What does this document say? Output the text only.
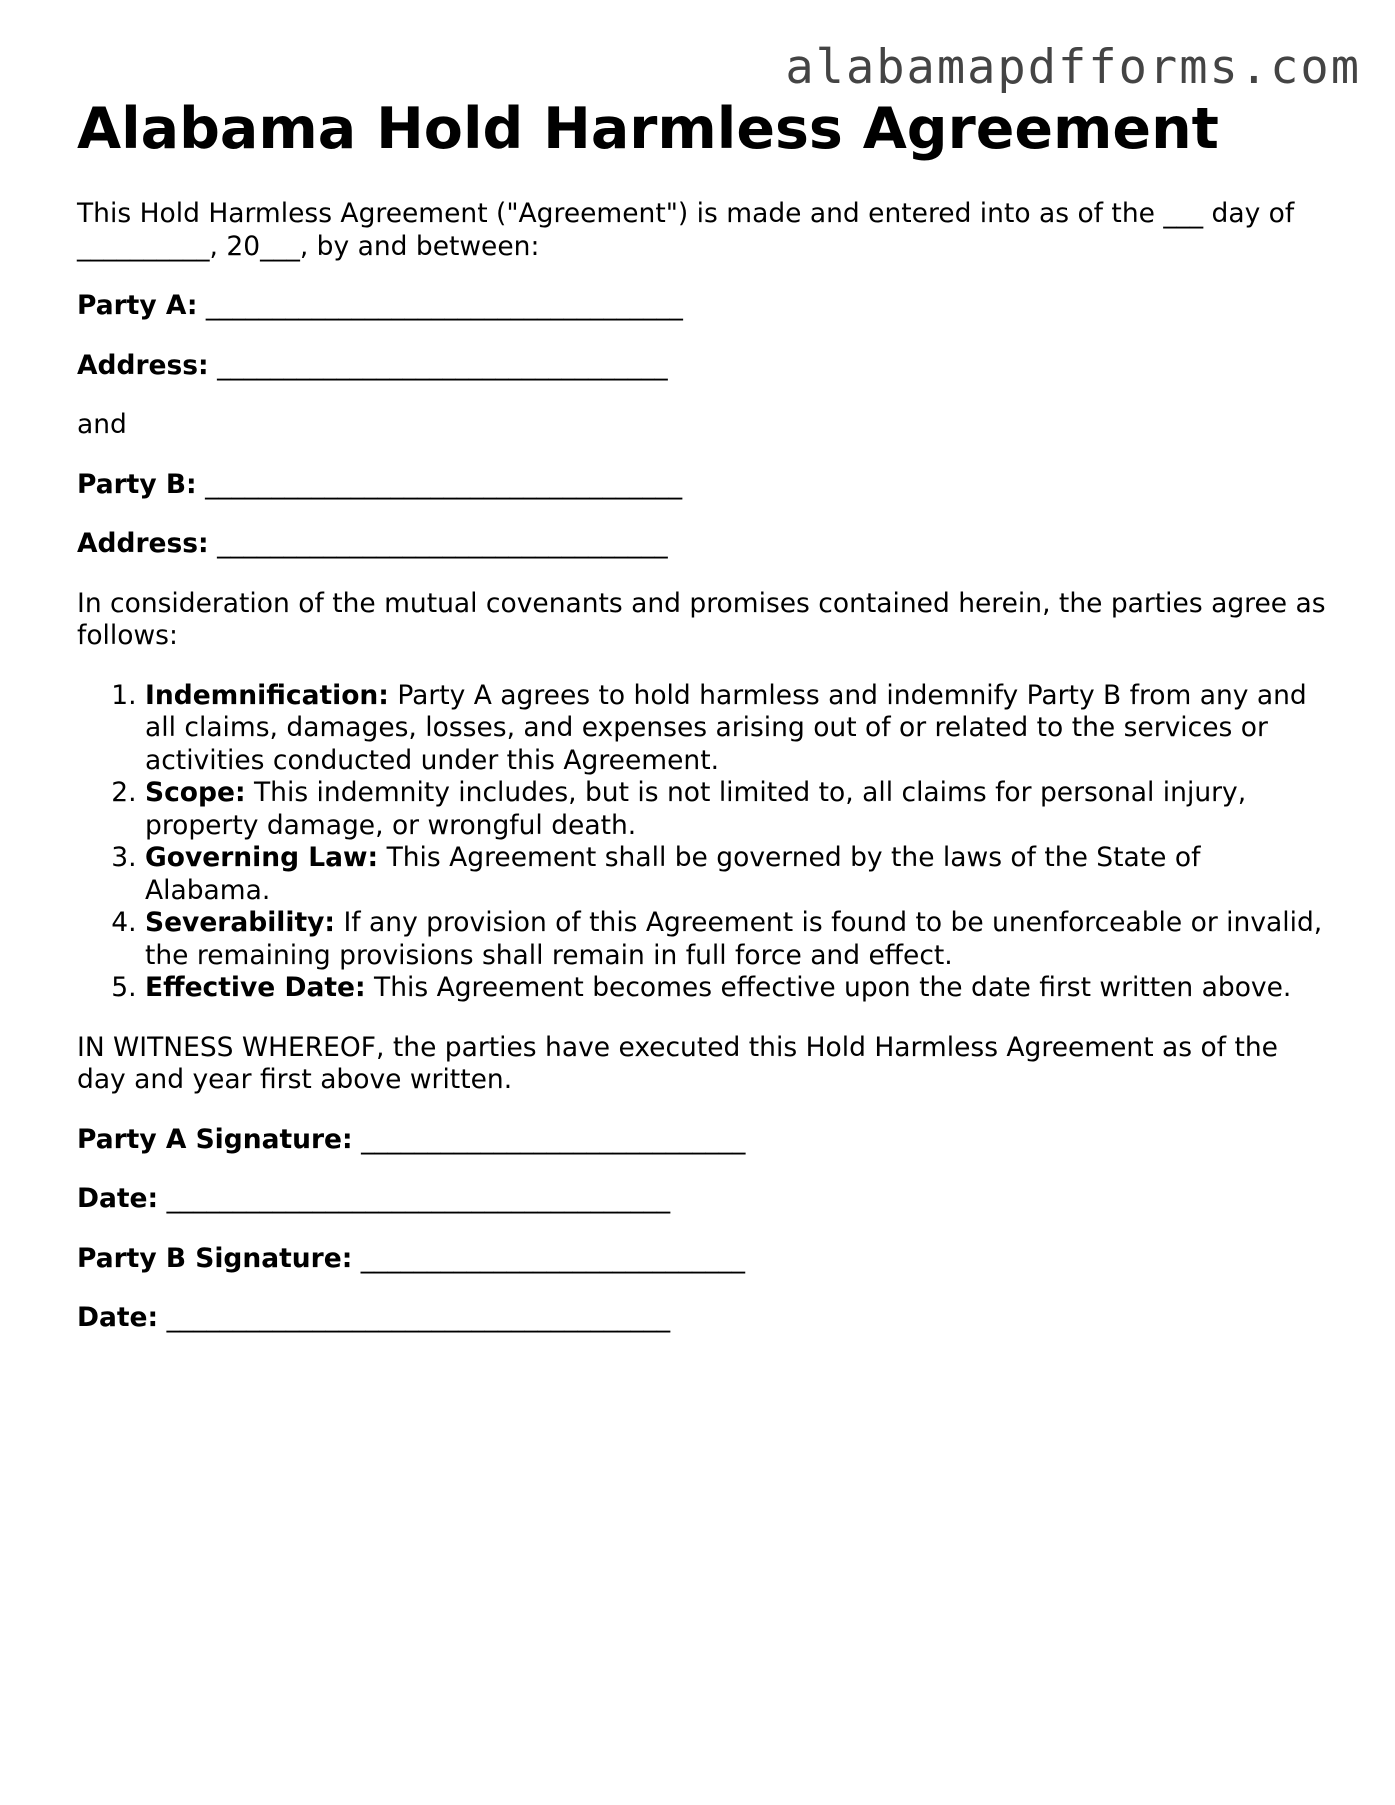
alabamapdfforms.com
Alabama Hold Harmless Agreement

This Hold Harmless Agreement ("Agreement") is made and entered into as of the ___ day of __________, 20___, by and between:

Party A: ____________________________________

Address: __________________________________

and

Party B: ____________________________________

Address: __________________________________

In consideration of the mutual covenants and promises contained herein, the parties agree as follows:

1. Indemnification: Party A agrees to hold harmless and indemnify Party B from any and all claims, damages, losses, and expenses arising out of or related to the services or activities conducted under this Agreement.
2. Scope: This indemnity includes, but is not limited to, all claims for personal injury, property damage, or wrongful death.
3. Governing Law: This Agreement shall be governed by the laws of the State of Alabama.
4. Severability: If any provision of this Agreement is found to be unenforceable or invalid, the remaining provisions shall remain in full force and effect.
5. Effective Date: This Agreement becomes effective upon the date first written above.

IN WITNESS WHEREOF, the parties have executed this Hold Harmless Agreement as of the day and year first above written.

Party A Signature: _____________________________

Date: ______________________________________

Party B Signature: _____________________________

Date: ______________________________________
